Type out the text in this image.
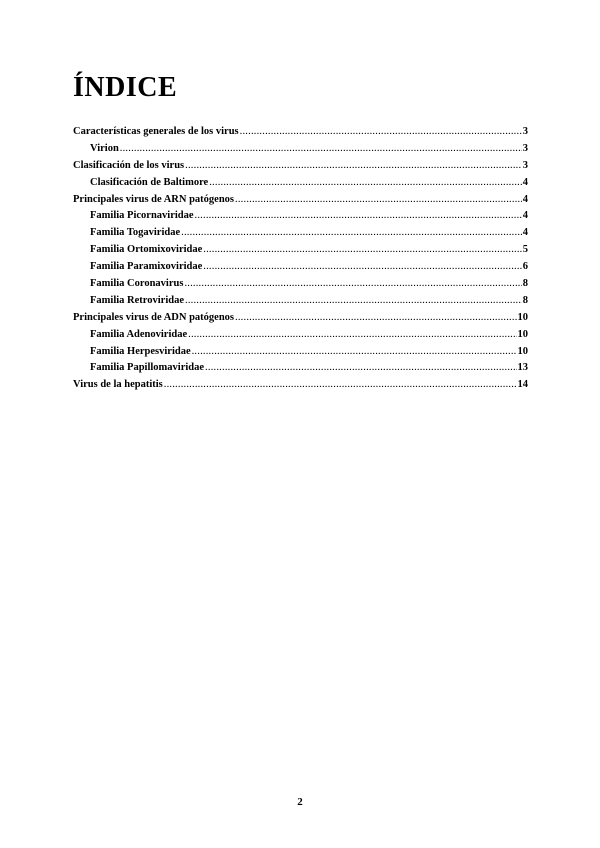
ÍNDICE
Características generales de los virus .....	3
Virion .....	3
Clasificación de los virus .....	3
Clasificación de Baltimore .....	4
Principales virus de ARN patógenos .....	4
Familia Picornaviridae .....	4
Familia Togaviridae .....	4
Familia Ortomixoviridae .....	5
Familia Paramixoviridae .....	6
Familia Coronavirus .....	8
Familia Retroviridae .....	8
Principales virus de ADN patógenos .....	10
Familia Adenoviridae .....	10
Familia Herpesviridae .....	10
Familia Papillomaviridae .....	13
Virus de la hepatitis .....	14
2
